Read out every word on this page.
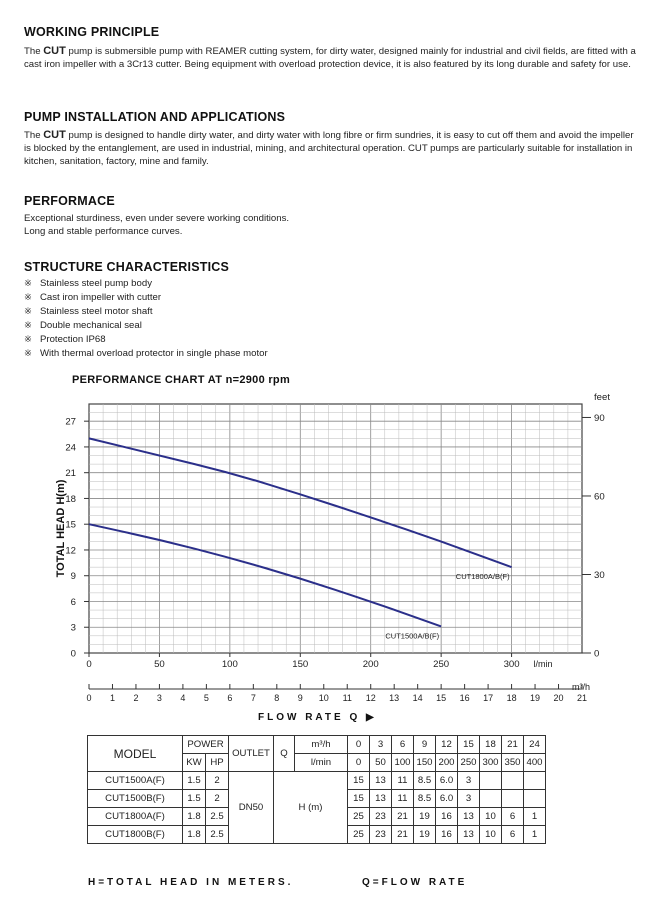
WORKING PRINCIPLE
The CUT pump is submersible pump with REAMER cutting system, for dirty water, designed mainly for industrial and civil fields, are fitted with a cast iron impeller with a 3Cr13 cutter. Being equipment with overload protection device, it is also featured by its long durable and safety for use.
PUMP INSTALLATION AND APPLICATIONS
The CUT pump is designed to handle dirty water, and dirty water with long fibre or firm sundries, it is easy to cut off them and avoid the impeller is blocked by the entanglement, are used in industrial, mining, and architectural operation. CUT pumps are particularly suitable for installation in kitchen, sanitation, factory, mine and family.
PERFORMACE
Exceptional sturdiness, even under severe working conditions.
Long and stable performance curves.
STRUCTURE CHARACTERISTICS
※ Stainless steel pump body
※ Cast iron impeller with cutter
※ Stainless steel motor shaft
※ Double mechanical seal
※ Protection IP68
※ With thermal overload protector in single phase motor
PERFORMANCE CHART AT n=2900 rpm
0
3
6
9
12
15
18
21
24
27
0
30
60
90
feet
TOTAL HEAD H(m)
0	50	100	150	200	250	300 l/min
0 1 2 3 4 5 6 7 8 9 10 11 12 13 14 15 16 17 18 19 20 21
m³/h
CUT1800A/B(F)
CUT1500A/B(F)
FLOW RATE Q ▶
MODEL	POWER		OUTLET	Q	m³/h	0	3	6	9	12	15	18	21	24
	KW	HP			l/min	0	50	100	150	200	250	300	350	400
CUT1500A(F)	1.5	2	DN50	H (m)		15	13	11	8.5	6.0	3			
CUT1500B(F)	1.5	2				15	13	11	8.5	6.0	3			
CUT1800A(F)	1.8	2.5				25	23	21	19	16	13	10	6	1
CUT1800B(F)	1.8	2.5				25	23	21	19	16	13	10	6	1
H=TOTAL HEAD IN METERS.	Q=FLOW RATE
